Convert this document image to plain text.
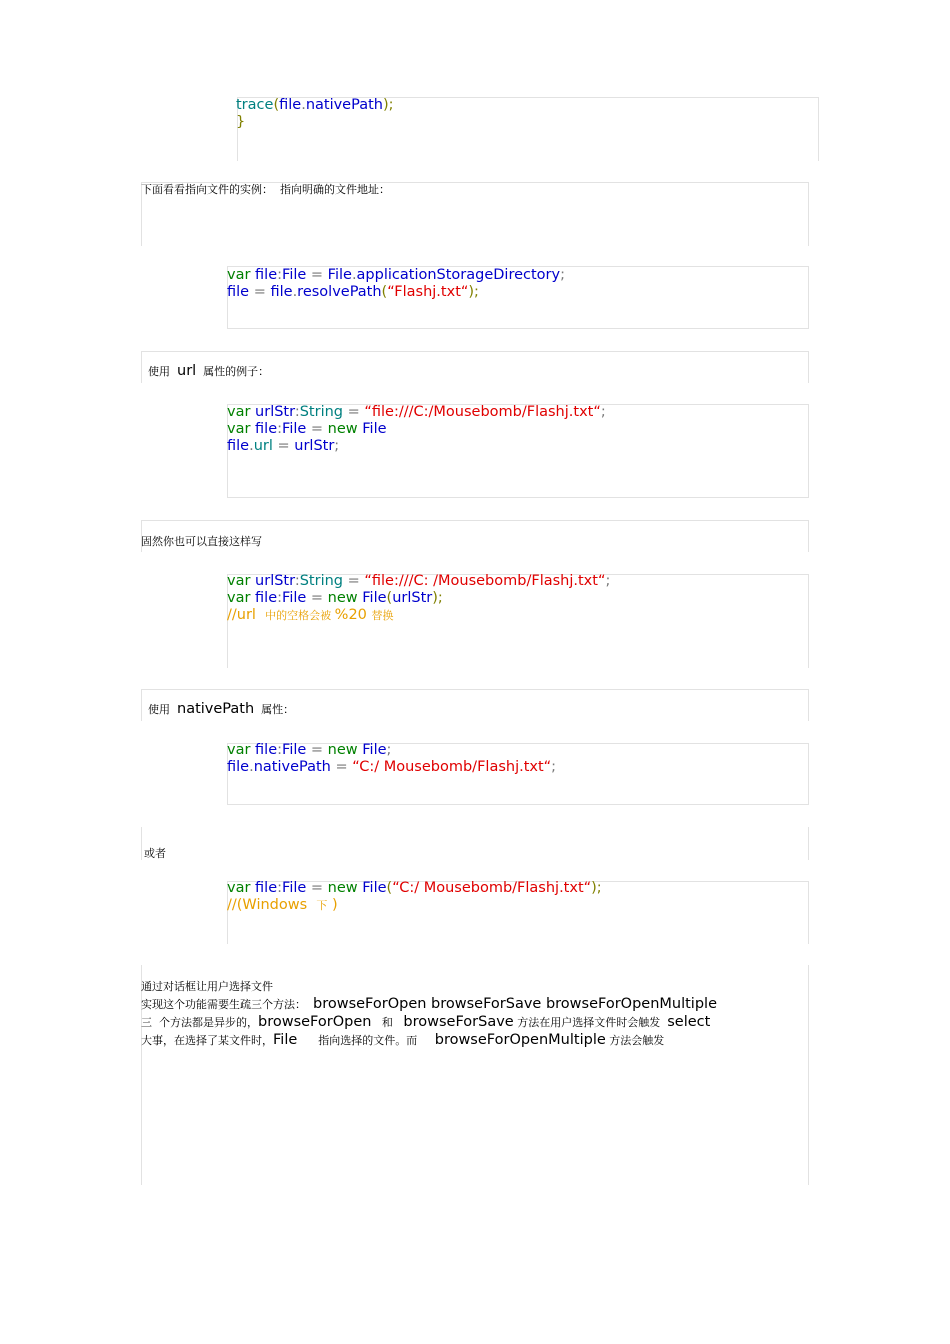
trace(file.nativePath);
}
下面看看指向文件的实例：  指向明确的文件地址：
var file:File = File.applicationStorageDirectory;
file = file.resolvePath(“Flashj.txt“);

使用  url  属性的例子：

var urlStr:String = “file:///C:/Mousebomb/Flashj.txt“;
var file:File = new File
file.url = urlStr;
固然你也可以直接这样写
var urlStr:String = “file:///C: /Mousebomb/Flashj.txt“;
var file:File = new File(urlStr);
//url  中的空格会被 %20 替换

使用  nativePath  属性：

var file:File = new File;
file.nativePath = “C:/ Mousebomb/Flashj.txt“;
或者
var file:File = new File(“C:/ Mousebomb/Flashj.txt“);
//(Windows  下 )
通过对话框让用户选择文件
实现这个功能需要生疏三个方法：  browseForOpen browseForSave browseForOpenMultiple
三  个方法都是异步的，browseForOpen   和   browseForSave 方法在用户选择文件时会触发  select
大事，在选择了某文件时，File      指向选择的文件。而     browseForOpenMultiple 方法会触发
